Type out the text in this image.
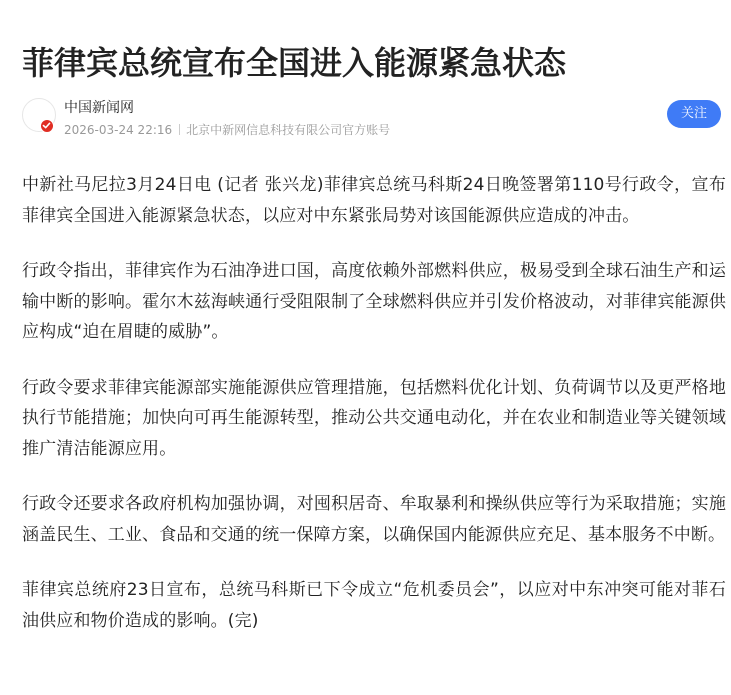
菲律宾总统宣布全国进入能源紧急状态
中国新闻网
2026-03-24 22:16 北京中新网信息科技有限公司官方账号
关注

中新社马尼拉3月24日电 (记者 张兴龙)菲律宾总统马科斯24日晚签署第110号行政令，宣布菲律宾全国进入能源紧急状态，以应对中东紧张局势对该国能源供应造成的冲击。

行政令指出，菲律宾作为石油净进口国，高度依赖外部燃料供应，极易受到全球石油生产和运输中断的影响。霍尔木兹海峡通行受阻限制了全球燃料供应并引发价格波动，对菲律宾能源供应构成“迫在眉睫的威胁”。

行政令要求菲律宾能源部实施能源供应管理措施，包括燃料优化计划、负荷调节以及更严格地执行节能措施；加快向可再生能源转型，推动公共交通电动化，并在农业和制造业等关键领域推广清洁能源应用。

行政令还要求各政府机构加强协调，对囤积居奇、牟取暴利和操纵供应等行为采取措施；实施涵盖民生、工业、食品和交通的统一保障方案，以确保国内能源供应充足、基本服务不中断。

菲律宾总统府23日宣布，总统马科斯已下令成立“危机委员会”，以应对中东冲突可能对菲石油供应和物价造成的影响。(完)
